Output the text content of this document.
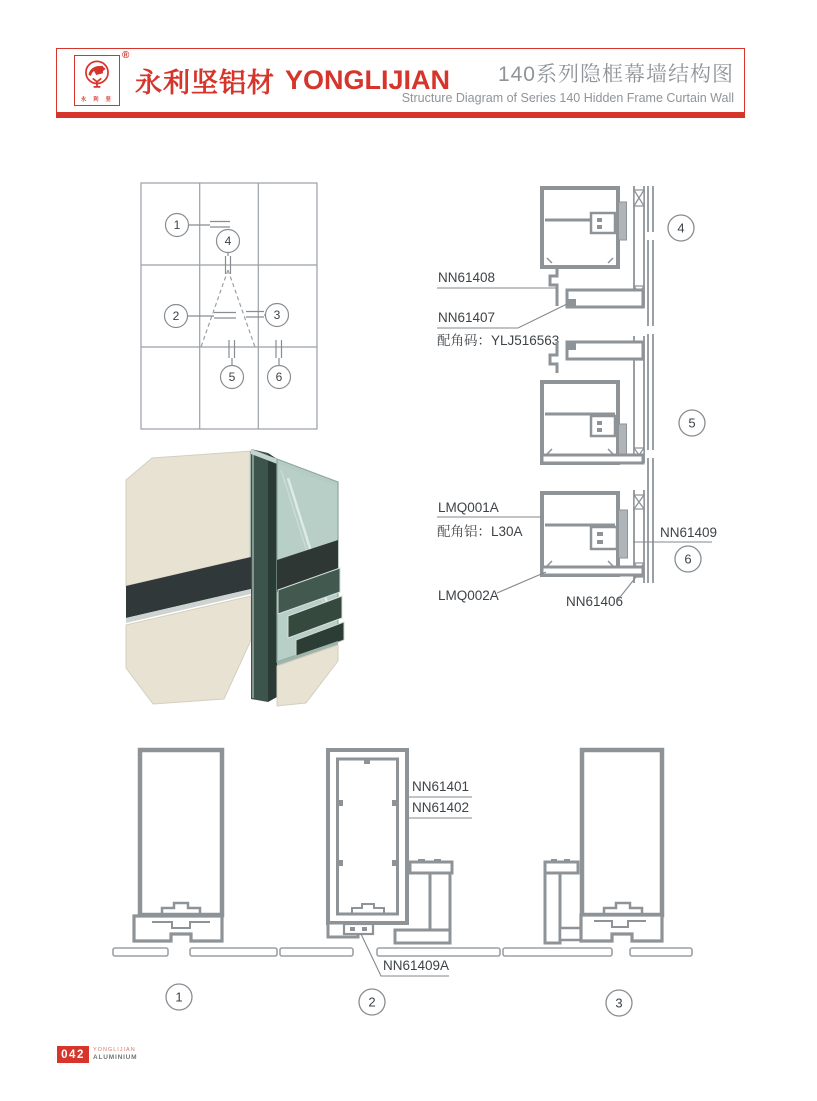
永 利 坚
®
永利坚铝材 YONGLIJIAN	140系列隐框幕墙结构图
Structure Diagram of Series 140 Hidden Frame Curtain Wall
1
4
2	3
5	6
NN61408
NN61407
配角码：YLJ516563
4
5
LMQ001A
配角铝：L30A	NN61409
6
LMQ002A	NN61406
1	2
NN61401
NN61402
NN61409A
3
042	YONGLIJIAN
ALUMINIUM
